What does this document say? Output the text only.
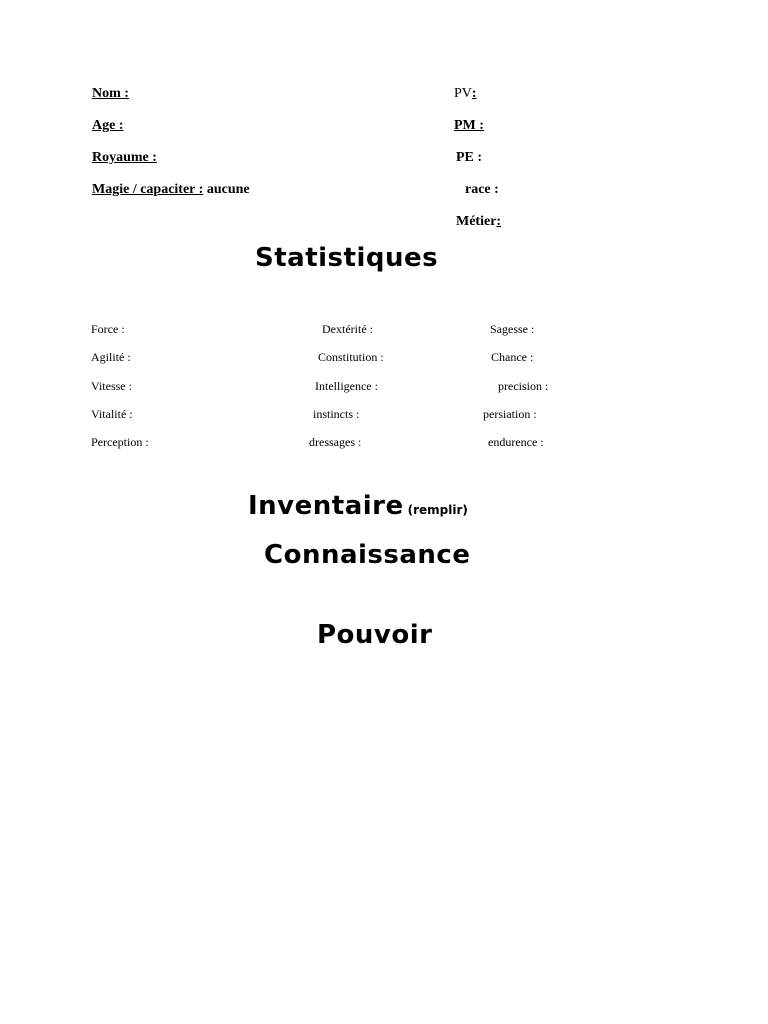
Nom :
Age :
Royaume :
Magie / capaciter : aucune
PV:
PM :
PE :
race :
Métier:
Statistiques
Force :
Agilité :
Vitesse :
Vitalité :
Perception :
Dextérité :
Constitution :
Intelligence :
instincts :
dressages :
Sagesse :
Chance :
precision :
persiation :
endurence :
Inventaire (remplir)
Connaissance
Pouvoir
